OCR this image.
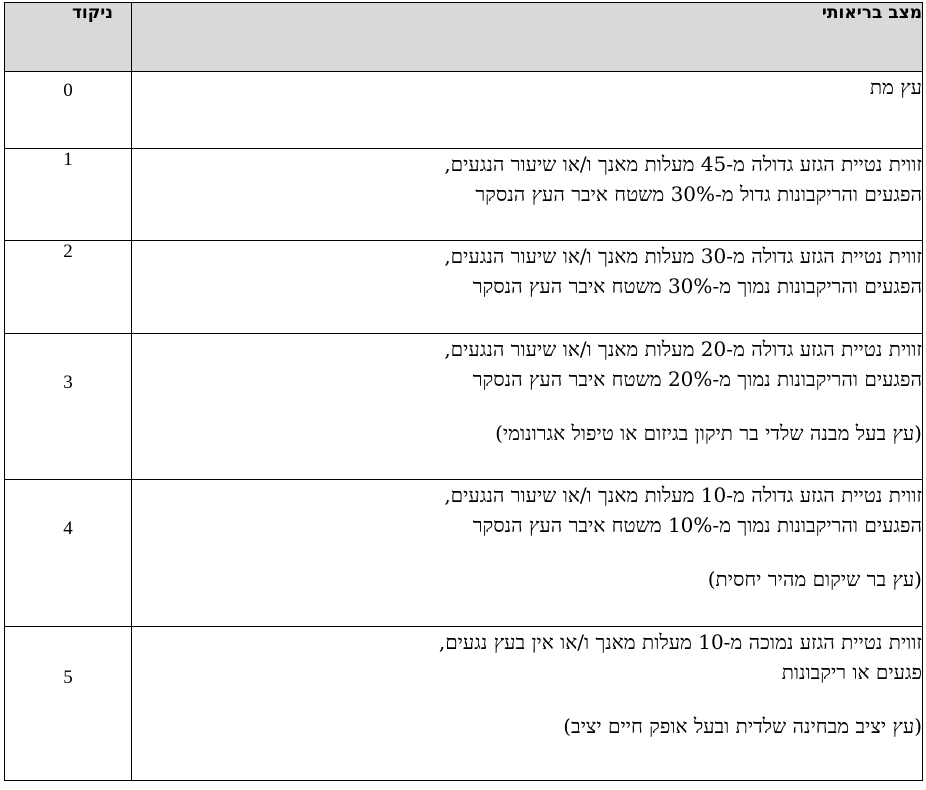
מצב בריאותי	ניקוד

עץ מת	0

זווית נטיית הגזע גדולה מ-45 מעלות מאנך ו/או שיעור הנגעים,
הפגעים והריקבונות גדול מ-30% משטח איבר העץ הנסקר	1

זווית נטיית הגזע גדולה מ-30 מעלות מאנך ו/או שיעור הנגעים,
הפגעים והריקבונות נמוך מ-30% משטח איבר העץ הנסקר	2

זווית נטיית הגזע גדולה מ-20 מעלות מאנך ו/או שיעור הנגעים,
הפגעים והריקבונות נמוך מ-20% משטח איבר העץ הנסקר
(עץ בעל מבנה שלדי בר תיקון בגיזום או טיפול אגרונומי)	3

זווית נטיית הגזע גדולה מ-10 מעלות מאנך ו/או שיעור הנגעים,
הפגעים והריקבונות נמוך מ-10% משטח איבר העץ הנסקר
(עץ בר שיקום מהיר יחסית)	4

זווית נטיית הגזע נמוכה מ-10 מעלות מאנך ו/או אין בעץ נגעים,
פגעים או ריקבונות
(עץ יציב מבחינה שלדית ובעל אופק חיים יציב)	5
